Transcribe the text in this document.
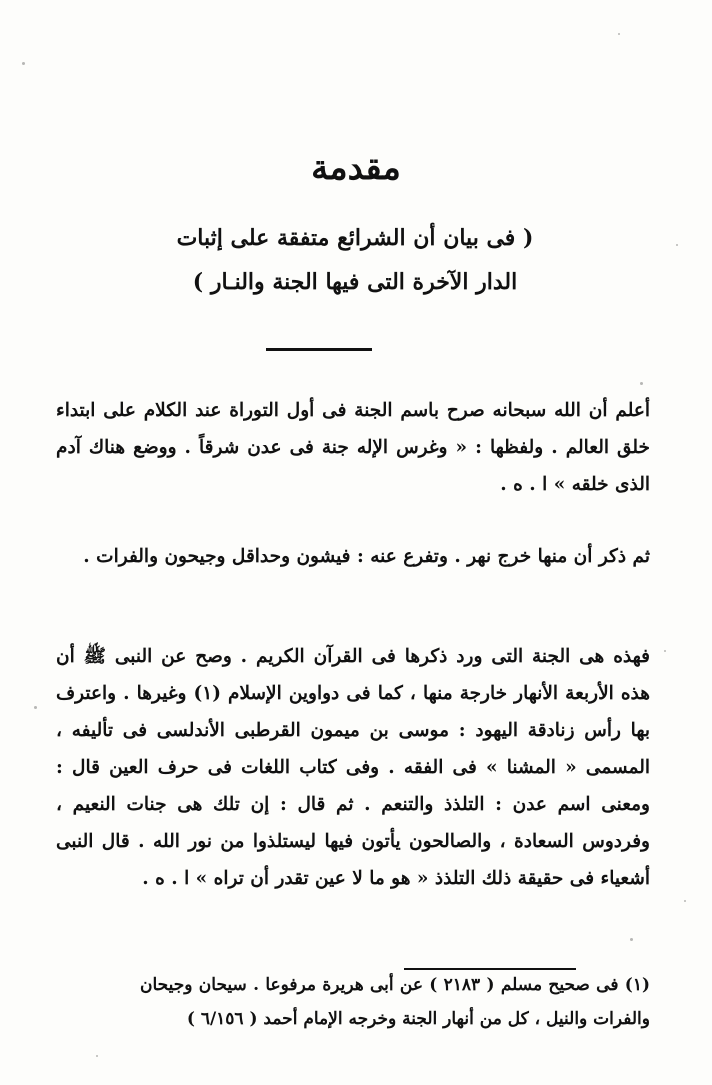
مقدمة
( فى بيان أن الشرائع متفقة على إثبات
الدار الآخرة التى فيها الجنة والنـار )
أعلم أن الله سبحانه صرح باسم الجنة فى أول التوراة عند الكلام على ابتداء خلق العالم . ولفظها : « وغرس الإله جنة فى عدن شرقاً . ووضع هناك آدم الذى خلقه » ا . ه .
ثم ذكر أن منها خرج نهر . وتفرع عنه : فيشون وحداقل وجيحون والفرات .
فهذه هى الجنة التى ورد ذكرها فى القرآن الكريم . وصح عن النبى ﷺ أن هذه الأربعة الأنهار خارجة منها ، كما فى دواوين الإسلام (١) وغيرها . واعترف بها رأس زنادقة اليهود : موسى بن ميمون القرطبى الأندلسى فى تأليفه ، المسمى « المشنا » فى الفقه . وفى كتاب اللغات فى حرف العين قال : ومعنى اسم عدن : التلذذ والتنعم . ثم قال : إن تلك هى جنات النعيم ، وفردوس السعادة ، والصالحون يأتون فيها ليستلذوا من نور الله . قال النبى أشعياء فى حقيقة ذلك التلذذ « هو ما لا عين تقدر أن تراه » ا . ه .
(١) فى صحيح مسلم ( ٢١٨٣ ) عن أبى هريرة مرفوعا . سيحان وجيحان والفرات والنيل ، كل من أنهار الجنة وخرجه الإمام أحمد ( ٦/١٥٦ )
